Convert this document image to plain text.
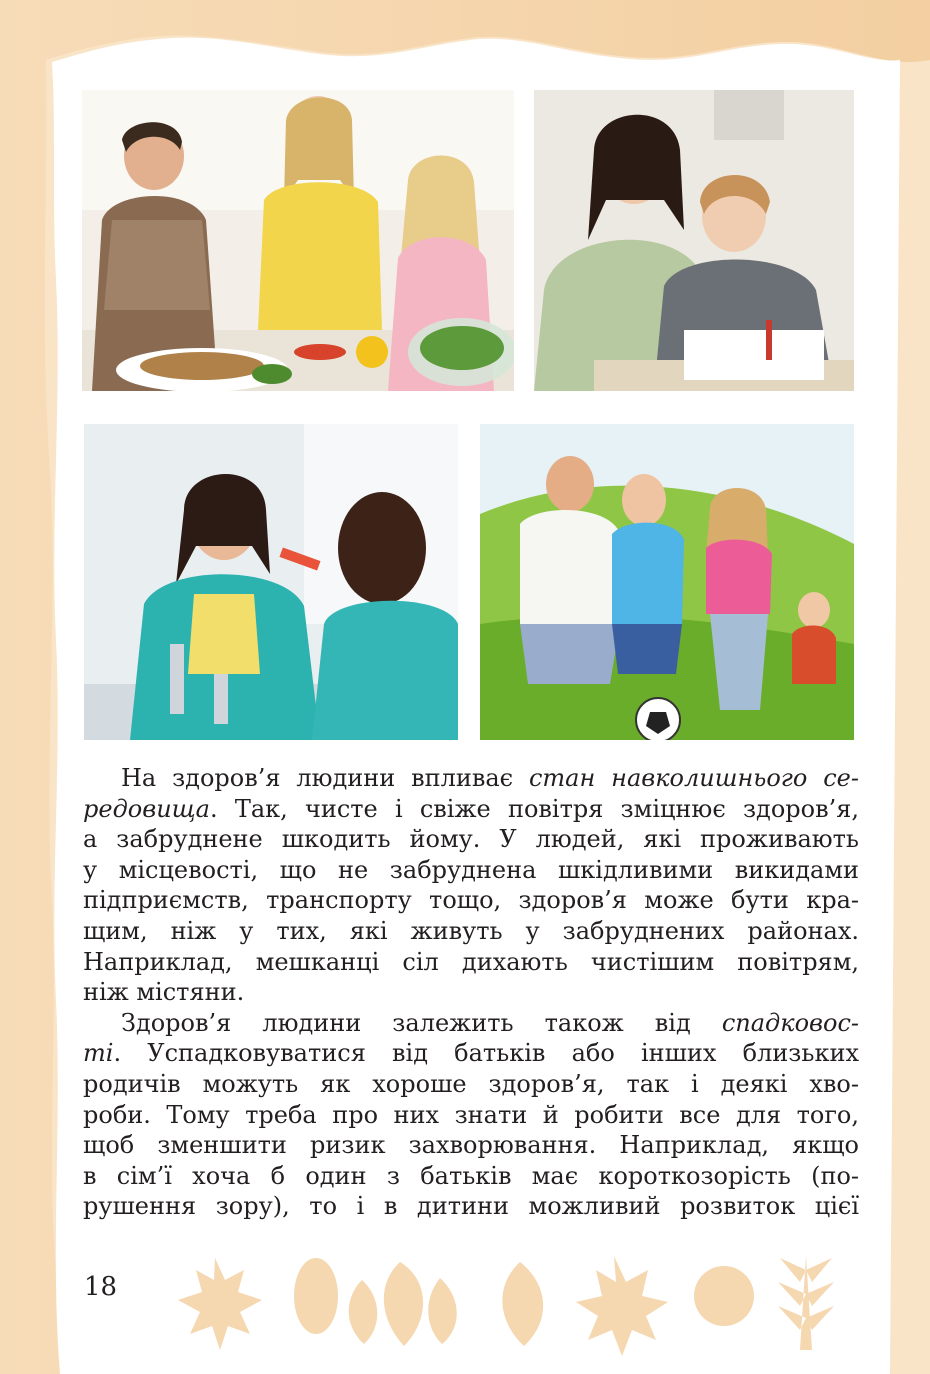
На здоров’я людини впливає стан навколишнього се-
редовища. Так, чисте і свіже повітря зміцнює здоров’я,
а забруднене шкодить йому. У людей, які проживають
у місцевості, що не забруднена шкідливими викидами
підприємств, транспорту тощо, здоров’я може бути кра-
щим, ніж у тих, які живуть у забруднених районах.
Наприклад, мешканці сіл дихають чистішим повітрям,
ніж містяни.
Здоров’я людини залежить також від спадковос-
ті. Успадковуватися від батьків або інших близьких
родичів можуть як хороше здоров’я, так і деякі хво-
роби. Тому треба про них знати й робити все для того,
щоб зменшити ризик захворювання. Наприклад, якщо
в сім’ї хоча б один з батьків має короткозорість (по-
рушення зору), то і в дитини можливий розвиток цієї
18
